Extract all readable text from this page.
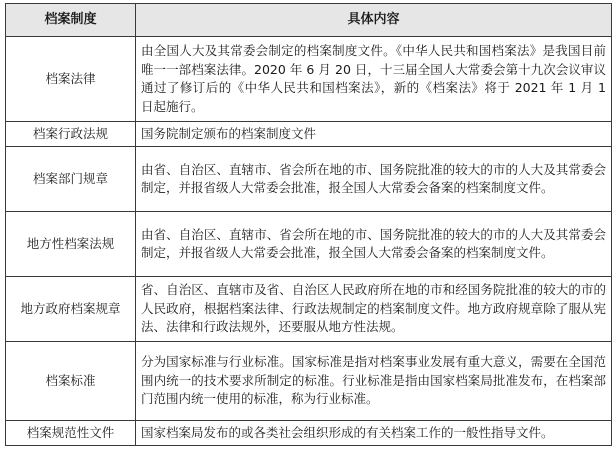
档案制度	具体内容
档案法律	由全国人大及其常委会制定的档案制度文件。《中华人民共和国档案法》是我国目前唯一一部档案法律。2020 年 6 月 20 日，十三届全国人大常委会第十九次会议审议通过了修订后的《中华人民共和国档案法》，新的《档案法》将于 2021 年 1 月 1 日起施行。
档案行政法规	国务院制定颁布的档案制度文件
档案部门规章	由省、自治区、直辖市、省会所在地的市、国务院批准的较大的市的人大及其常委会制定，并报省级人大常委会批准，报全国人大常委会备案的档案制度文件。
地方性档案法规	由省、自治区、直辖市、省会所在地的市、国务院批准的较大的市的人大及其常委会制定，并报省级人大常委会批准，报全国人大常委会备案的档案制度文件。
地方政府档案规章	省、自治区、直辖市及省、自治区人民政府所在地的市和经国务院批准的较大的市的人民政府，根据档案法律、行政法规制定的档案制度文件。地方政府规章除了服从宪法、法律和行政法规外，还要服从地方性法规。
档案标准	分为国家标准与行业标准。国家标准是指对档案事业发展有重大意义，需要在全国范围内统一的技术要求所制定的标准。行业标准是指由国家档案局批准发布，在档案部门范围内统一使用的标准，称为行业标准。
档案规范性文件	国家档案局发布的或各类社会组织形成的有关档案工作的一般性指导文件。
